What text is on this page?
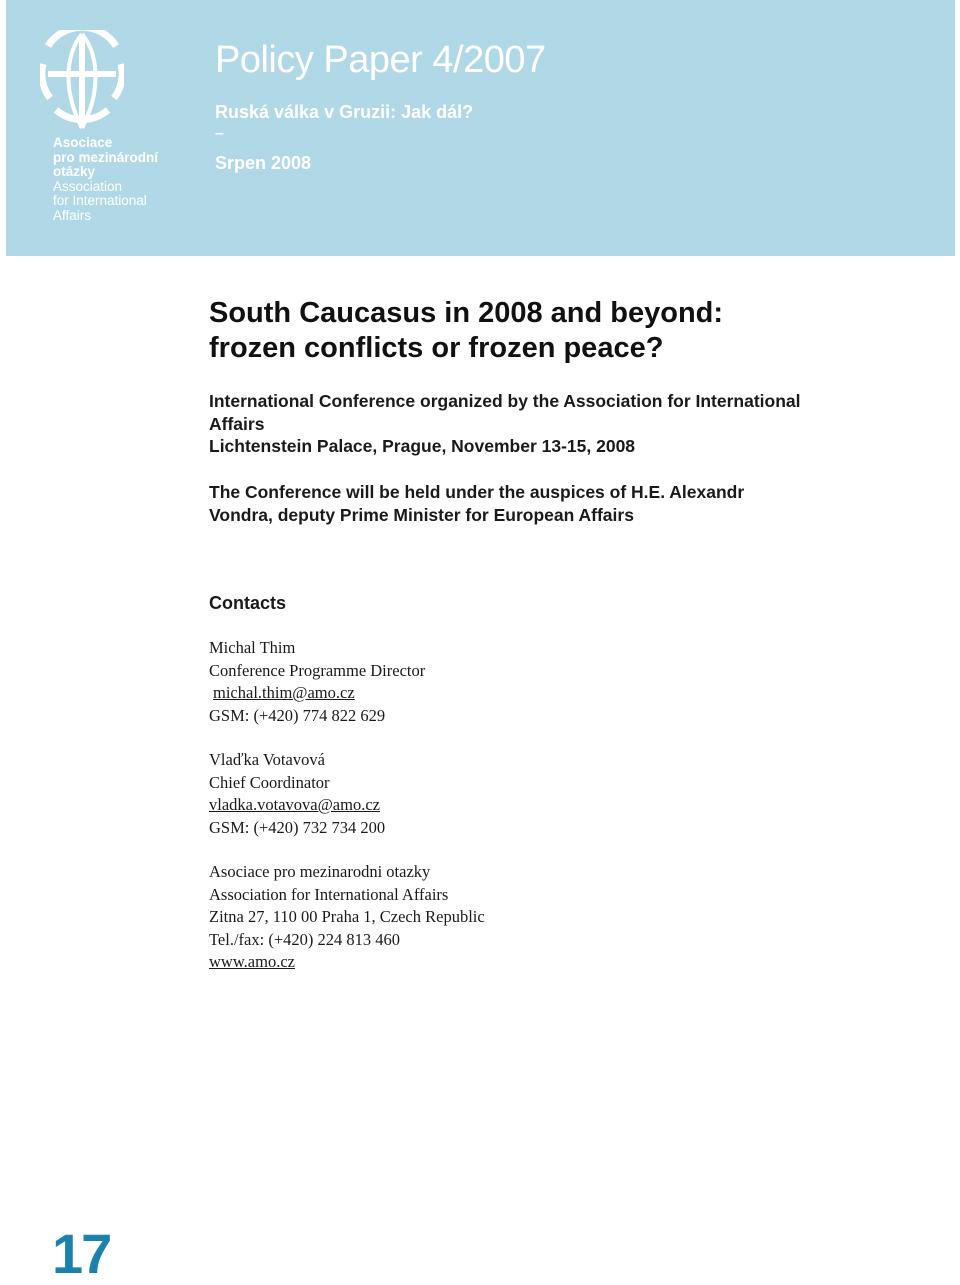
Asociace
pro mezinárodní
otázky
Association
for International
Affairs
Policy Paper 4/2007
Ruská válka v Gruzii: Jak dál?
–
Srpen 2008
South Caucasus in 2008 and beyond:
frozen conflicts or frozen peace?
International Conference organized by the Association for International
Affairs
Lichtenstein Palace, Prague, November 13-15, 2008
The Conference will be held under the auspices of H.E. Alexandr
Vondra, deputy Prime Minister for European Affairs
Contacts
Michal Thim
Conference Programme Director
michal.thim@amo.cz
GSM: (+420) 774 822 629
Vlaďka Votavová
Chief Coordinator
vladka.votavova@amo.cz
GSM: (+420) 732 734 200
Asociace pro mezinarodni otazky
Association for International Affairs
Zitna 27, 110 00 Praha 1, Czech Republic
Tel./fax: (+420) 224 813 460
www.amo.cz
17
